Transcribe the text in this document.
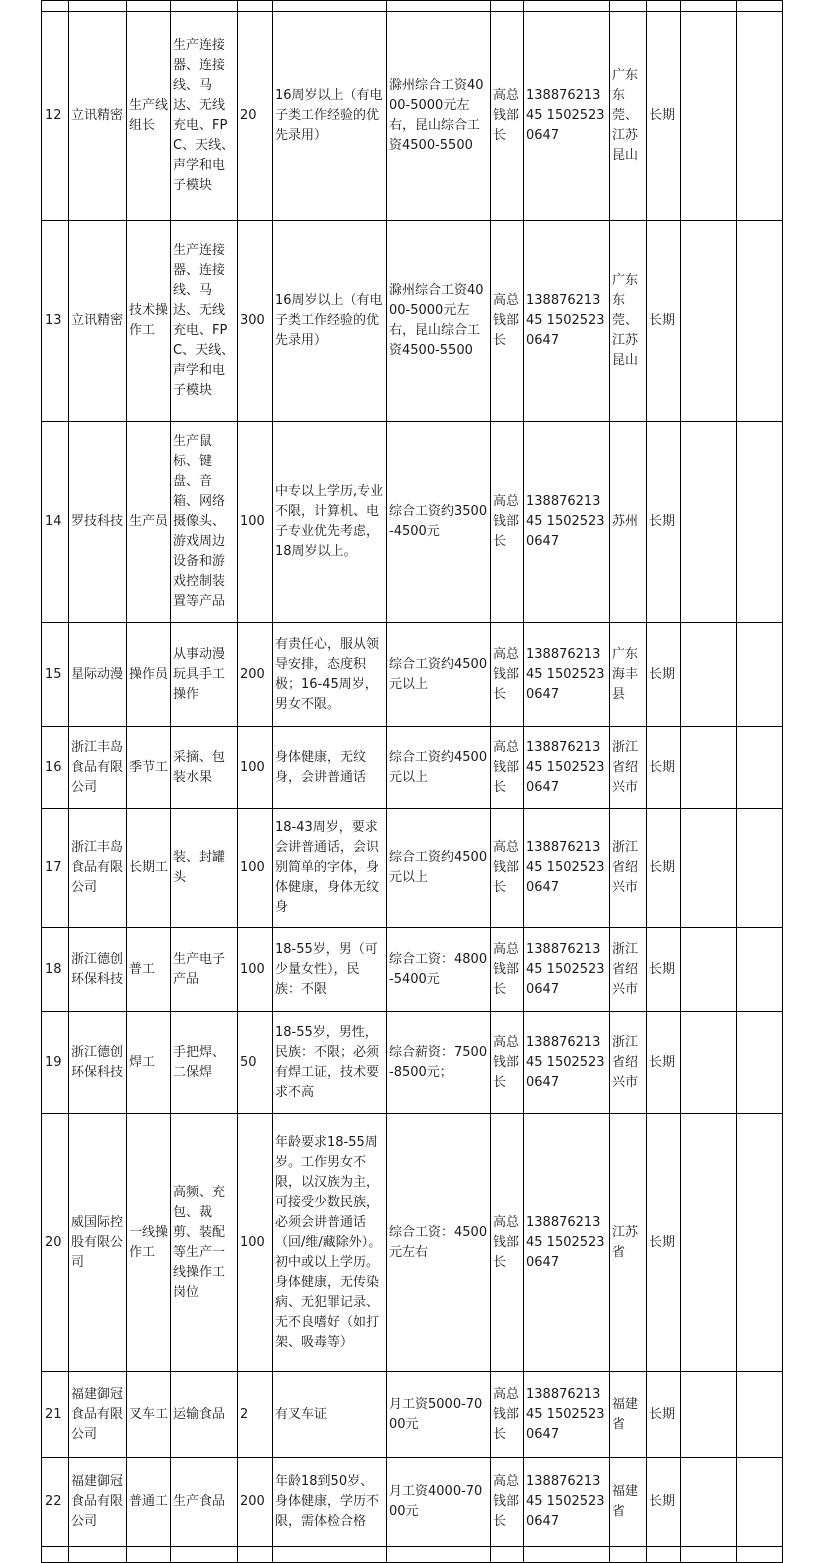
12	立讯精密	生产线组长	生产连接器、连接线、马达、无线充电、FPC、天线、声学和电子模块	20	16周岁以上（有电子类工作经验的优先录用）	滁州综合工资4000-5000元左右，昆山综合工资4500-5500	高总钱部长	13887621345 15025230647	广东东莞、江苏昆山	长期		
13	立讯精密	技术操作工	生产连接器、连接线、马达、无线充电、FPC、天线、声学和电子模块	300	16周岁以上（有电子类工作经验的优先录用）	滁州综合工资4000-5000元左右，昆山综合工资4500-5500	高总钱部长	13887621345 15025230647	广东东莞、江苏昆山	长期		
14	罗技科技	生产员	生产鼠标、键盘、音箱、网络摄像头、游戏周边设备和游戏控制装置等产品	100	中专以上学历,专业不限，计算机、电子专业优先考虑，18周岁以上。	综合工资约3500-4500元	高总钱部长	13887621345 15025230647	苏州	长期		
15	星际动漫	操作员	从事动漫玩具手工操作	200	有责任心，服从领导安排，态度积极；16-45周岁，男女不限。	综合工资约4500元以上	高总钱部长	13887621345 15025230647	广东海丰县	长期		
16	浙江丰岛食品有限公司	季节工	采摘、包装水果	100	身体健康，无纹身，会讲普通话	综合工资约4500元以上	高总钱部长	13887621345 15025230647	浙江省绍兴市	长期		
17	浙江丰岛食品有限公司	长期工	装、封罐头	100	18-43周岁，要求会讲普通话，会识别简单的字体，身体健康，身体无纹身	综合工资约4500元以上	高总钱部长	13887621345 15025230647	浙江省绍兴市	长期		
18	浙江德创环保科技	普工	生产电子产品	100	18-55岁，男（可少量女性），民族：不限	综合工资：4800-5400元	高总钱部长	13887621345 15025230647	浙江省绍兴市	长期		
19	浙江德创环保科技	焊工	手把焊、二保焊	50	18-55岁，男性，民族：不限；必须有焊工证，技术要求不高	综合薪资：7500-8500元；	高总钱部长	13887621345 15025230647	浙江省绍兴市	长期		
20	威国际控股有限公司	一线操作工	高频、充包、裁剪、装配等生产一线操作工岗位	100	年龄要求18-55周岁。工作男女不限，以汉族为主，可接受少数民族，必须会讲普通话（回/维/藏除外）。初中或以上学历。身体健康，无传染病、无犯罪记录、无不良嗜好（如打架、吸毒等）	综合工资：4500元左右	高总钱部长	13887621345 15025230647	江苏省	长期		
21	福建御冠食品有限公司	叉车工	运输食品	2	有叉车证	月工资5000-7000元	高总钱部长	13887621345 15025230647	福建省	长期		
22	福建御冠食品有限公司	普通工	生产食品	200	年龄18到50岁、身体健康，学历不限，需体检合格	月工资4000-7000元	高总钱部长	13887621345 15025230647	福建省	长期		
